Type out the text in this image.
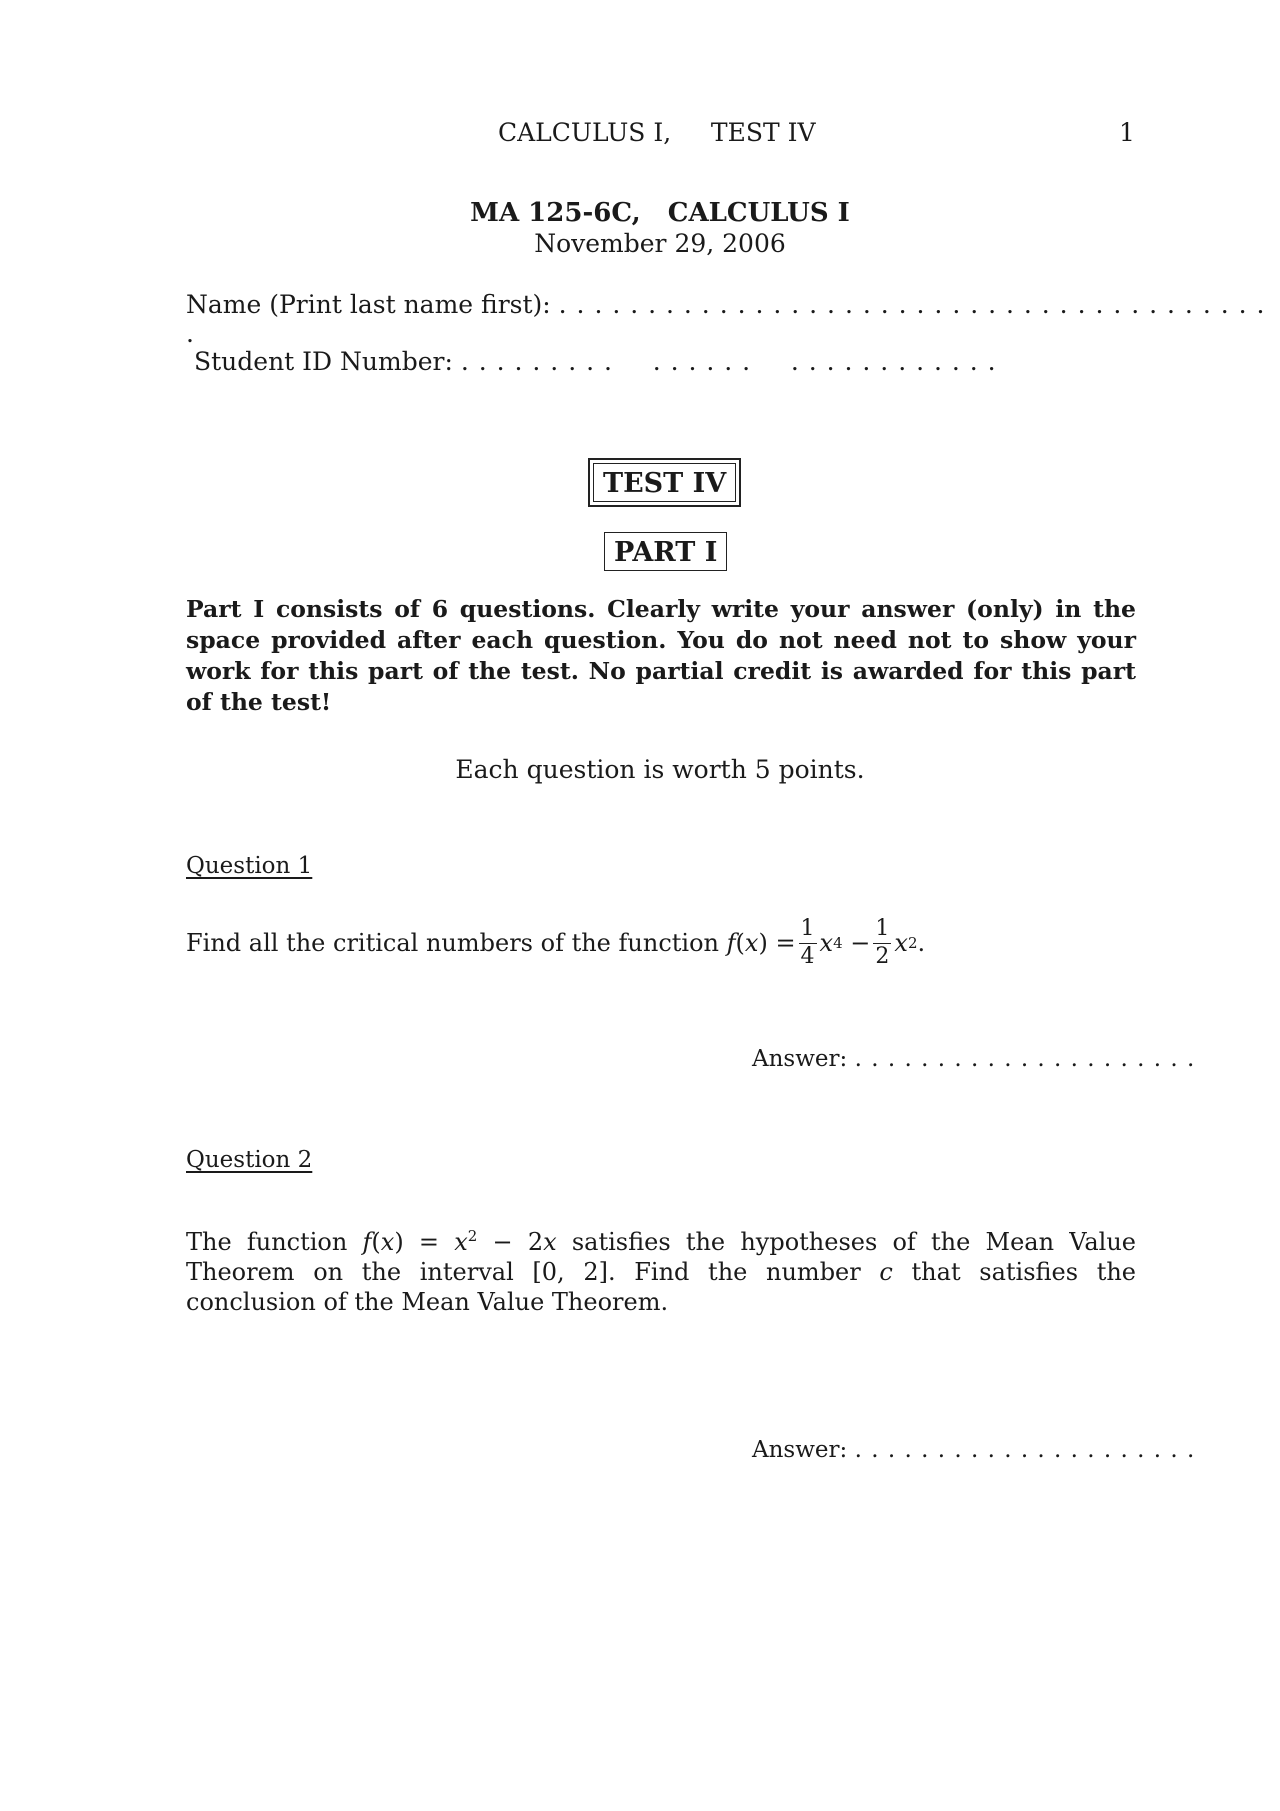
CALCULUS I, TEST IV	1
MA 125-6C, CALCULUS I
November 29, 2006
Name (Print last name first): . . . . . . . . . . . . . . . . . . . . . . . . . . . . . . . . . . . . . . . . .
Student ID Number: . . . . . . . . . . . . . . . . . . . . . . . . . . .
TEST IV
PART I
Part I consists of 6 questions. Clearly write your answer (only) in the space provided after each question. You do not need not to show your work for this part of the test. No partial credit is awarded for this part of the test!
Each question is worth 5 points.
Question 1
Find all the critical numbers of the function
f ( x ) = $\frac{1}{4}$ x 4
− $\frac{1}{2}$ x 2 .
Answer: . . . . . . . . . . . . . . . . . . . . .
Question 2
The function $f(x) = x^2 - 2x$ satisfies the hypotheses of the Mean Value Theorem on the interval [0, 2]. Find the number c that satisfies the conclusion of the Mean Value Theorem.
Answer: . . . . . . . . . . . . . . . . . . . . .
